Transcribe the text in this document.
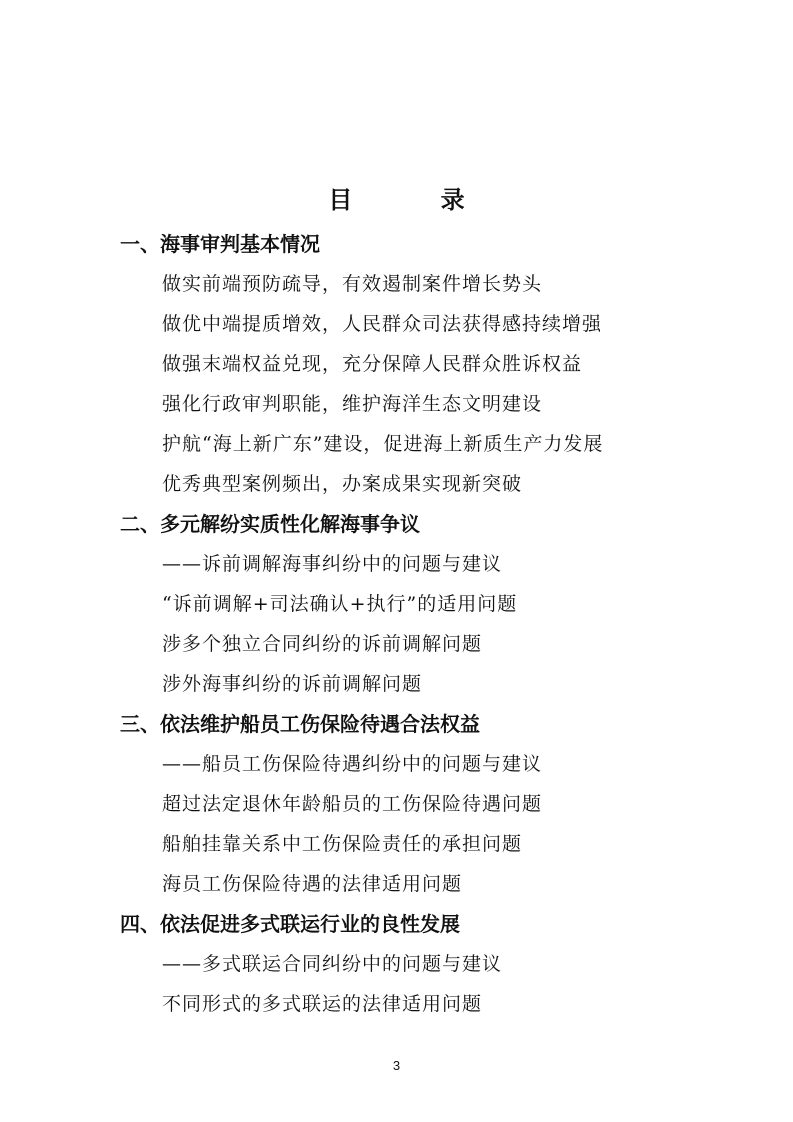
目 录
一、海事审判基本情况
做实前端预防疏导，有效遏制案件增长势头
做优中端提质增效，人民群众司法获得感持续增强
做强末端权益兑现，充分保障人民群众胜诉权益
强化行政审判职能，维护海洋生态文明建设
护航“海上新广东”建设，促进海上新质生产力发展
优秀典型案例频出，办案成果实现新突破
二、多元解纷实质性化解海事争议
——诉前调解海事纠纷中的问题与建议
“诉前调解+司法确认+执行”的适用问题
涉多个独立合同纠纷的诉前调解问题
涉外海事纠纷的诉前调解问题
三、依法维护船员工伤保险待遇合法权益
——船员工伤保险待遇纠纷中的问题与建议
超过法定退休年龄船员的工伤保险待遇问题
船舶挂靠关系中工伤保险责任的承担问题
海员工伤保险待遇的法律适用问题
四、依法促进多式联运行业的良性发展
——多式联运合同纠纷中的问题与建议
不同形式的多式联运的法律适用问题
3
